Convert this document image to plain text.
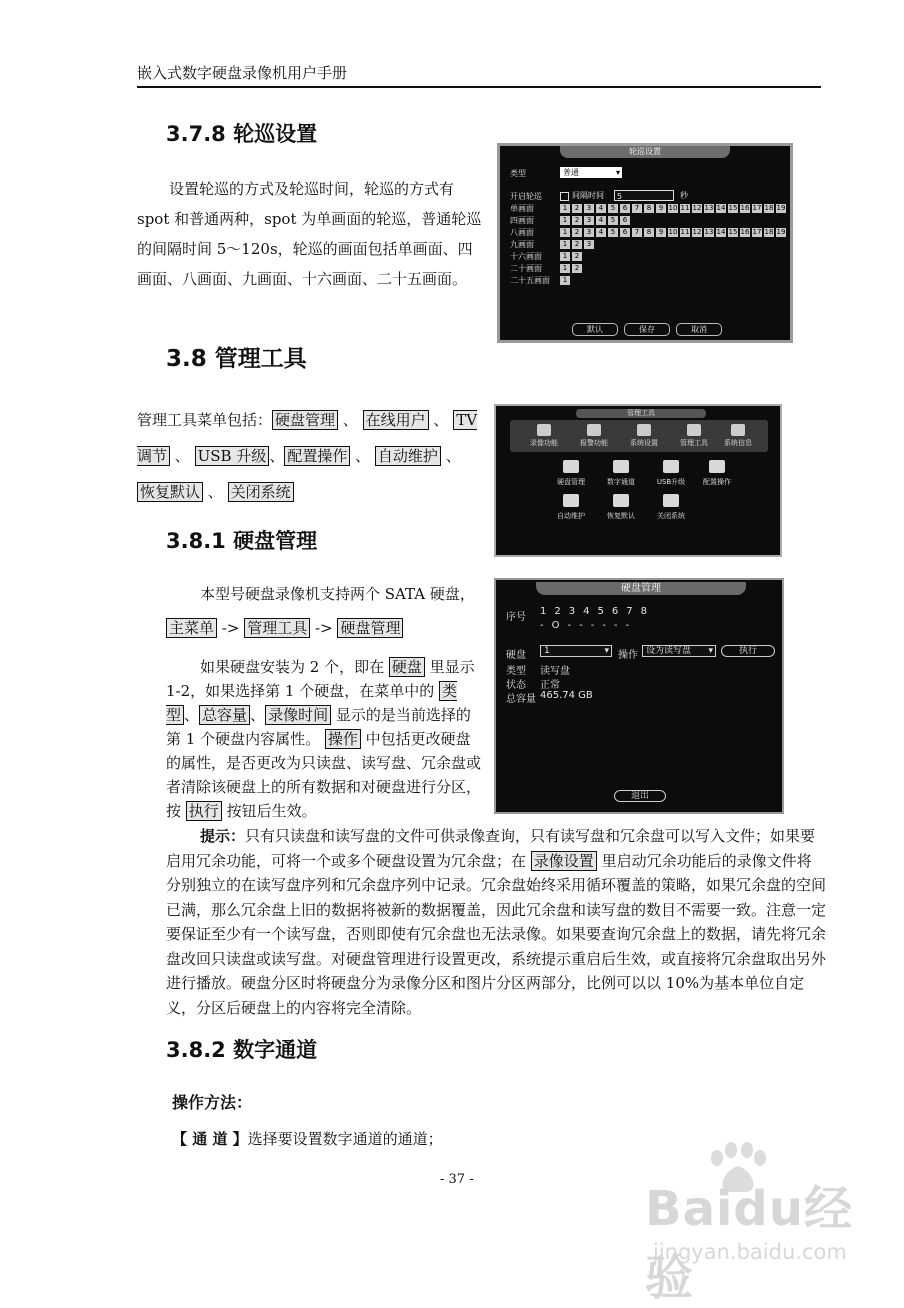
嵌入式数字硬盘录像机用户手册
3.7.8 轮巡设置
设置轮巡的方式及轮巡时间，轮巡的方式有spot 和普通两种，spot 为单画面的轮巡，普通轮巡的间隔时间 5～120s，轮巡的画面包括单画面、四画面、八画面、九画面、十六画面、二十五画面。
轮巡设置
类型	普通	▾
开启轮巡	间隔时间	5	秒
单画面	1	2	3	4	5	6	7	8	9 10 11 12 13 14 15 16 17 18 19
四画面	1	2	3	4	5	6
八画面	1	2	3	4	5	6	7	8	9 10 11 12 13 14 15 16 17 18 19
九画面	1	2	3
十六画面	1	2
二十画面	1	2
二十五画面	1
默认	保存	取消
3.8 管理工具
管理工具菜单包括： 硬盘管理 、 在线用户 、 TV调节 、 USB 升级 、 配置操作 、 自动维护 、
恢复默认 、 关闭系统
管理工具
录像功能	报警功能	系统设置	管理工具	系统信息
硬盘管理	数字通道	USB升级	配置操作
自动维护	恢复默认	关闭系统
3.8.1 硬盘管理
本型号硬盘录像机支持两个 SATA 硬盘，
主菜单 -> 管理工具 -> 硬盘管理
如果硬盘安装为 2 个，即在 硬盘 里显示 1-2，如果选择第 1 个硬盘，在菜单中的 类型 、 总容量 、 录像时间 显示的是当前选择的第 1 个硬盘内容属性。 操作 中包括更改硬盘的属性，是否更改为只读盘、读写盘、冗余盘或者清除该硬盘上的所有数据和对硬盘进行分区， 按 执行 按钮后生效。
硬盘管理
序号
1 2 3 4 5 6 7 8
- O - - - - - -
硬盘	1	▾ 操作 设为读写盘 ▾	执行
类型 读写盘
状态 正常
总容量 465.74 GB
退出
提示：只有只读盘和读写盘的文件可供录像查询，只有读写盘和冗余盘可以写入文件；如果要启用冗余功能，可将一个或多个硬盘设置为冗余盘；在 录像设置 里启动冗余功能后的录像文件将分别独立的在读写盘序列和冗余盘序列中记录。冗余盘始终采用循环覆盖的策略，如果冗余盘的空间已满，那么冗余盘上旧的数据将被新的数据覆盖，因此冗余盘和读写盘的数目不需要一致。注意一定要保证至少有一个读写盘，否则即使有冗余盘也无法录像。如果要查询冗余盘上的数据，请先将冗余盘改回只读盘或读写盘。对硬盘管理进行设置更改，系统提示重启后生效，或直接将冗余盘取出另外进行播放。硬盘分区时将硬盘分为录像分区和图片分区两部分，比例可以以 10%为基本单位自定义，分区后硬盘上的内容将完全清除。
3.8.2 数字通道
操作方法：
【 通 道 】选择要设置数字通道的通道；
- 37 -
Baidu经验
jingyan.baidu.com
